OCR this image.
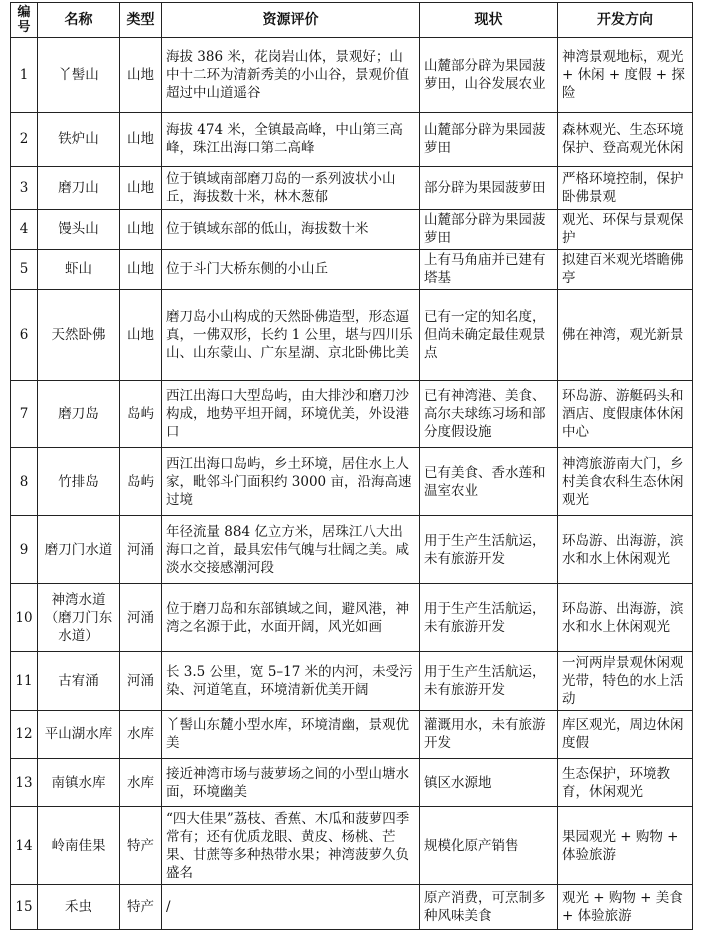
编号	名称	类型	资源评价	现状	开发方向
1	丫髻山	山地	海拔 386 米，花岗岩山体，景观好；山中十二环为清新秀美的小山谷，景观价值超过中山道遥谷	山麓部分辟为果园菠萝田，山谷发展农业	神湾景观地标，观光 + 休闲 + 度假 + 探险
2	铁炉山	山地	海拔 474 米，全镇最高峰，中山第三高峰，珠江出海口第二高峰	山麓部分辟为果园菠萝田	森林观光、生态环境保护、登高观光休闲
3	磨刀山	山地	位于镇域南部磨刀岛的一系列波状小山丘，海拔数十米，林木葱郁	部分辟为果园菠萝田	严格环境控制，保护卧佛景观
4	馒头山	山地	位于镇域东部的低山，海拔数十米	山麓部分辟为果园菠萝田	观光、环保与景观保护
5	虾山	山地	位于斗门大桥东侧的小山丘	上有马角庙并已建有塔基	拟建百米观光塔瞻佛亭
6	天然卧佛	山地	磨刀岛小山构成的天然卧佛造型，形态逼真，一佛双形，长约 1 公里，堪与四川乐山、山东蒙山、广东星湖、京北卧佛比美	已有一定的知名度，但尚未确定最佳观景点	佛在神湾，观光新景
7	磨刀岛	岛屿	西江出海口大型岛屿，由大排沙和磨刀沙构成，地势平坦开阔，环境优美，外设港口	已有神湾港、美食、高尔夫球练习场和部分度假设施	环岛游、游艇码头和酒店、度假康体休闲中心
8	竹排岛	岛屿	西江出海口岛屿，乡土环境，居住水上人家，毗邻斗门面积约 3000 亩，沿海高速过境	已有美食、香水莲和温室农业	神湾旅游南大门，乡村美食农科生态休闲观光
9	磨刀门水道	河涌	年径流量 884 亿立方米，居珠江八大出海口之首，最具宏伟气魄与壮阔之美。咸淡水交接感潮河段	用于生产生活航运，未有旅游开发	环岛游、出海游，滨水和水上休闲观光
10	神湾水道（磨刀门东水道）	河涌	位于磨刀岛和东部镇域之间，避风港，神湾之名源于此，水面开阔，风光如画	用于生产生活航运，未有旅游开发	环岛游、出海游，滨水和水上休闲观光
11	古宥涌	河涌	长 3.5 公里，宽 5–17 米的内河，未受污染、河道笔直，环境清新优美开阔	用于生产生活航运，未有旅游开发	一河两岸景观休闲观光带，特色的水上活动
12	平山湖水库	水库	丫髻山东麓小型水库，环境清幽，景观优美	灌溉用水，未有旅游开发	库区观光，周边休闲度假
13	南镇水库	水库	接近神湾市场与菠萝场之间的小型山塘水面，环境幽美	镇区水源地	生态保护，环境教育，休闲观光
14	岭南佳果	特产	“四大佳果”荔枝、香蕉、木瓜和菠萝四季常有；还有优质龙眼、黄皮、杨桃、芒果、甘蔗等多种热带水果；神湾菠萝久负盛名	规模化原产销售	果园观光 + 购物 + 体验旅游
15	禾虫	特产	/	原产消费，可烹制多种风味美食	观光 + 购物 + 美食 + 体验旅游
